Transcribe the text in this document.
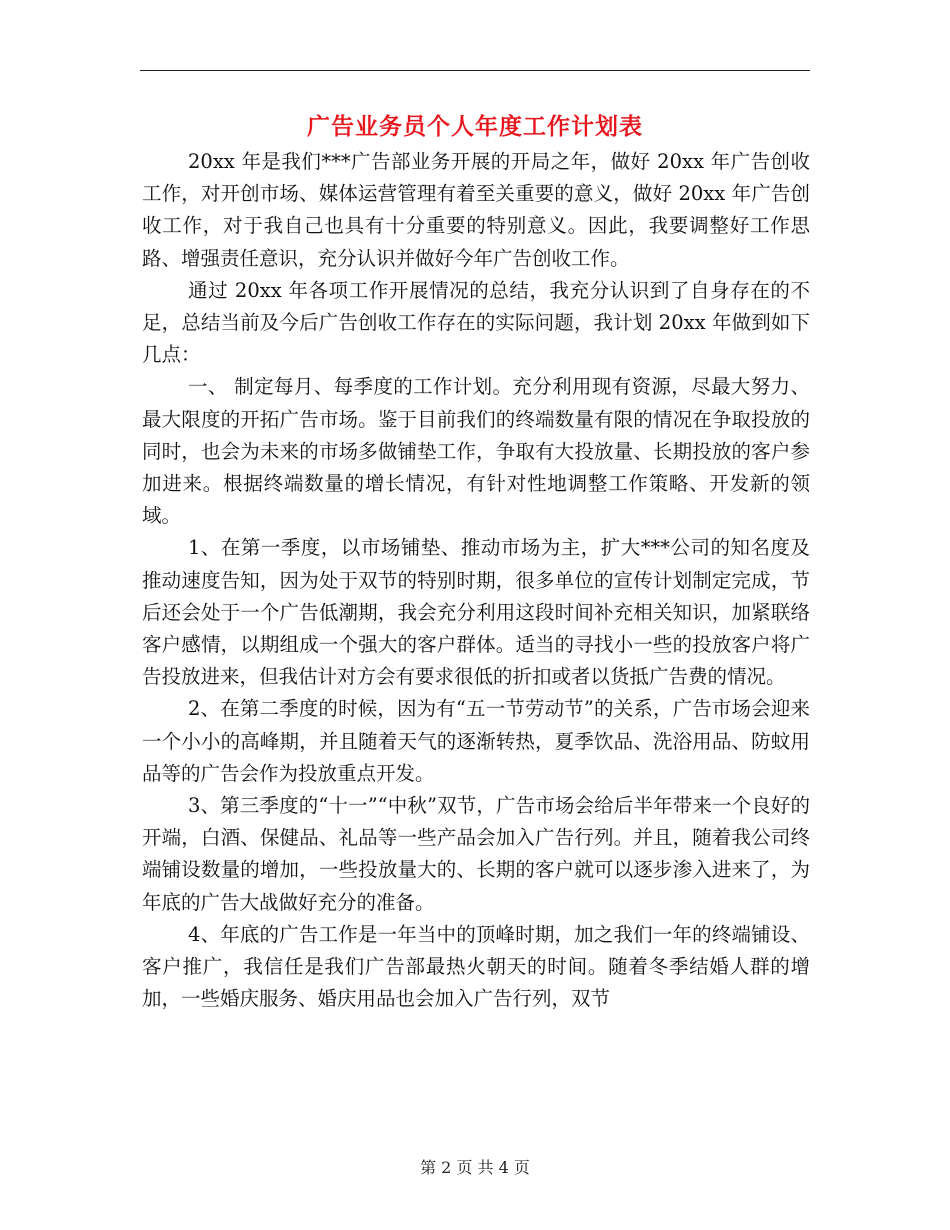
广告业务员个人年度工作计划表

20xx 年是我们***广告部业务开展的开局之年，做好 20xx 年广告创收工作，对开创市场、媒体运营管理有着至关重要的意义，做好 20xx 年广告创收工作，对于我自己也具有十分重要的特别意义。因此，我要调整好工作思路、增强责任意识，充分认识并做好今年广告创收工作。

通过 20xx 年各项工作开展情况的总结，我充分认识到了自身存在的不足，总结当前及今后广告创收工作存在的实际问题，我计划 20xx 年做到如下几点：

一、 制定每月、每季度的工作计划。充分利用现有资源，尽最大努力、最大限度的开拓广告市场。鉴于目前我们的终端数量有限的情况在争取投放的同时，也会为未来的市场多做铺垫工作，争取有大投放量、长期投放的客户参加进来。根据终端数量的增长情况，有针对性地调整工作策略、开发新的领域。

1、在第一季度，以市场铺垫、推动市场为主，扩大***公司的知名度及推动速度告知，因为处于双节的特别时期，很多单位的宣传计划制定完成，节后还会处于一个广告低潮期，我会充分利用这段时间补充相关知识，加紧联络客户感情，以期组成一个强大的客户群体。适当的寻找小一些的投放客户将广告投放进来，但我估计对方会有要求很低的折扣或者以货抵广告费的情况。

2、在第二季度的时候，因为有“五一节劳动节”的关系，广告市场会迎来一个小小的高峰期，并且随着天气的逐渐转热，夏季饮品、洗浴用品、防蚊用品等的广告会作为投放重点开发。

3、第三季度的“十一”“中秋”双节，广告市场会给后半年带来一个良好的开端，白酒、保健品、礼品等一些产品会加入广告行列。并且，随着我公司终端铺设数量的增加，一些投放量大的、长期的客户就可以逐步渗入进来了，为年底的广告大战做好充分的准备。

4、年底的广告工作是一年当中的顶峰时期，加之我们一年的终端铺设、客户推广，我信任是我们广告部最热火朝天的时间。随着冬季结婚人群的增加，一些婚庆服务、婚庆用品也会加入广告行列，双节

第 2 页 共 4 页
